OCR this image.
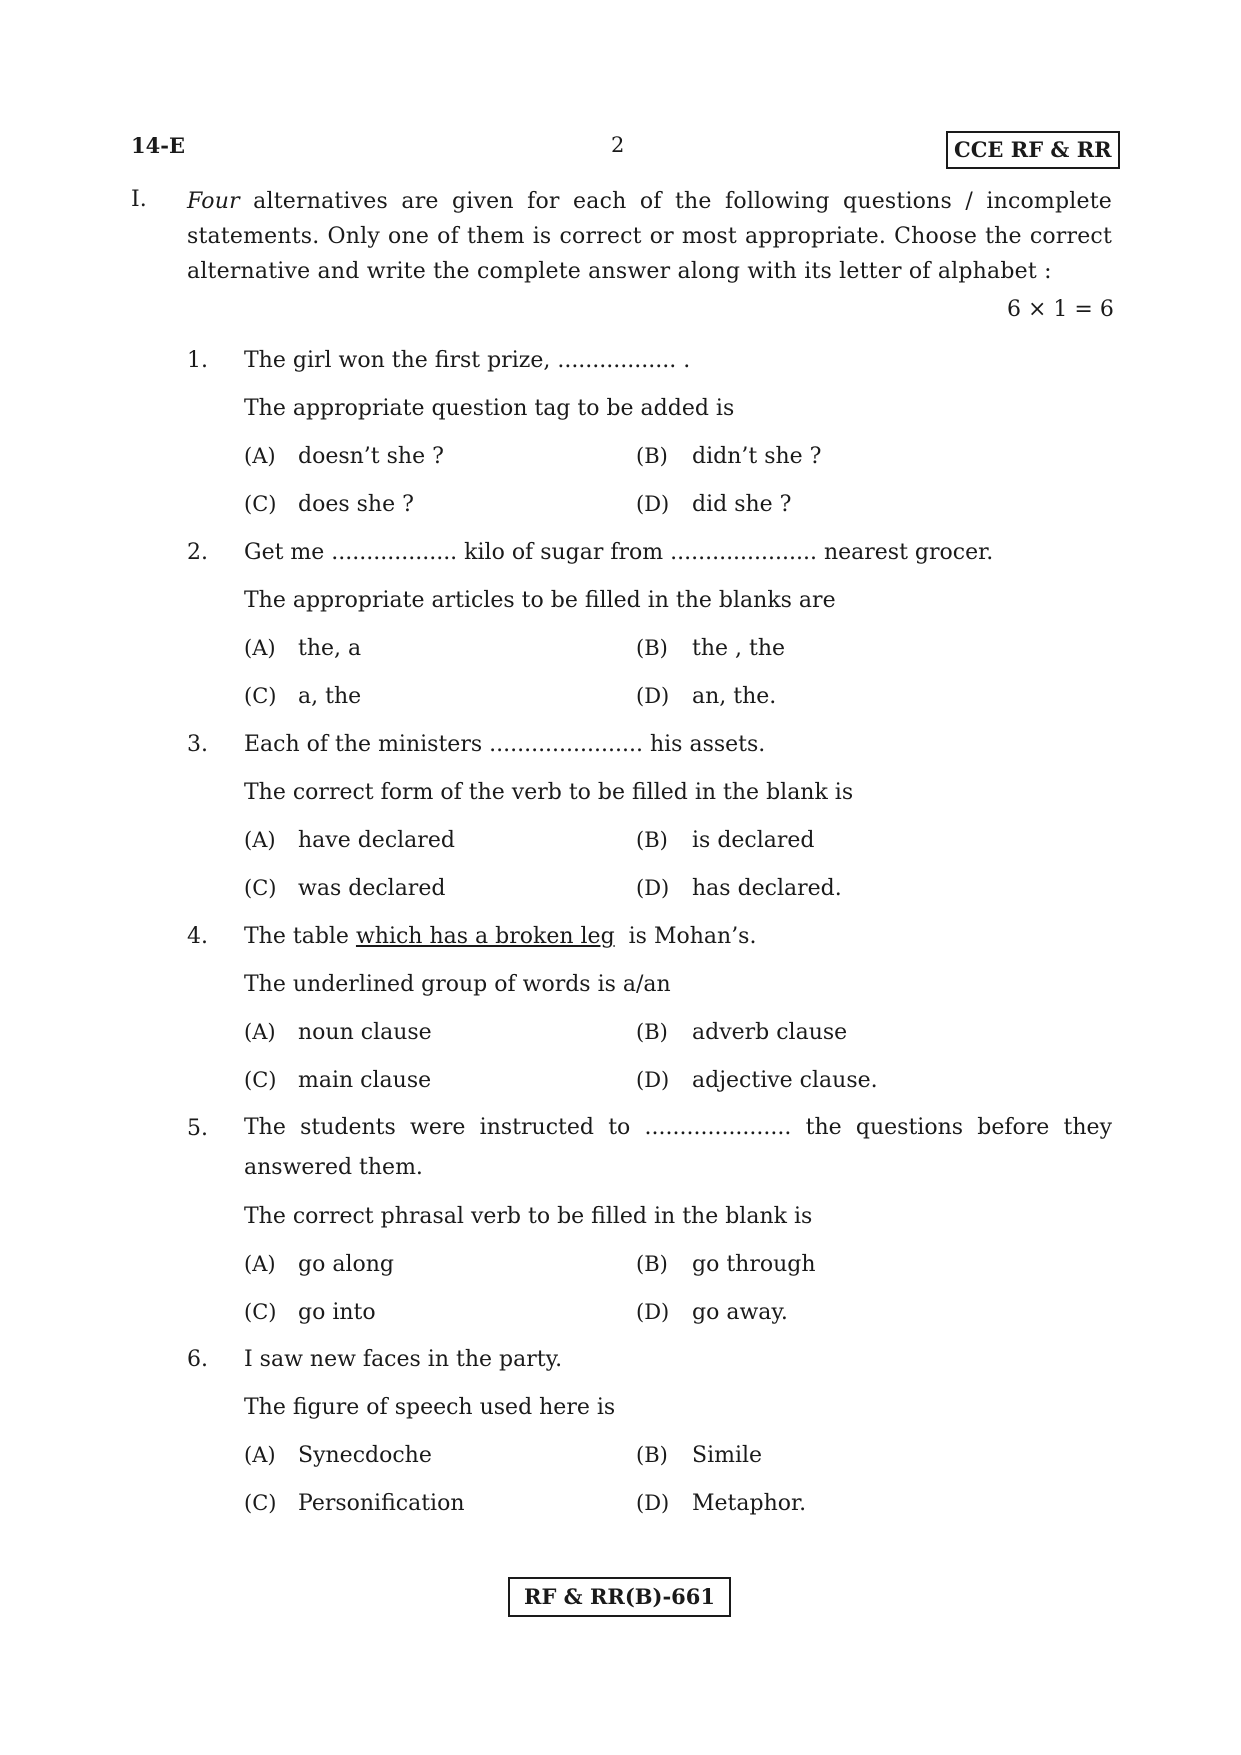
14-E	2	CCE RF & RR
I. Four alternatives are given for each of the following questions / incomplete statements. Only one of them is correct or most appropriate. Choose the correct alternative and write the complete answer along with its letter of alphabet :
6 × 1 = 6
1. The girl won the first prize, ................. .
The appropriate question tag to be added is
(A) doesn’t she ?	(B) didn’t she ?
(C) does she ?	(D) did she ?
2. Get me .................. kilo of sugar from ..................... nearest grocer.
The appropriate articles to be filled in the blanks are
(A) the, a	(B) the , the
(C) a, the	(D) an, the.
3. Each of the ministers ...................... his assets.
The correct form of the verb to be filled in the blank is
(A) have declared	(B) is declared
(C) was declared	(D) has declared.
4. The table which has a broken leg  is Mohan’s.
The underlined group of words is a/an
(A) noun clause	(B) adverb clause
(C) main clause	(D) adjective clause.
5. The students were instructed to ..................... the questions before they answered them.
The correct phrasal verb to be filled in the blank is
(A) go along	(B) go through
(C) go into	(D) go away.
6. I saw new faces in the party.
The figure of speech used here is
(A) Synecdoche	(B) Simile
(C) Personification	(D) Metaphor.
RF & RR(B)-661
